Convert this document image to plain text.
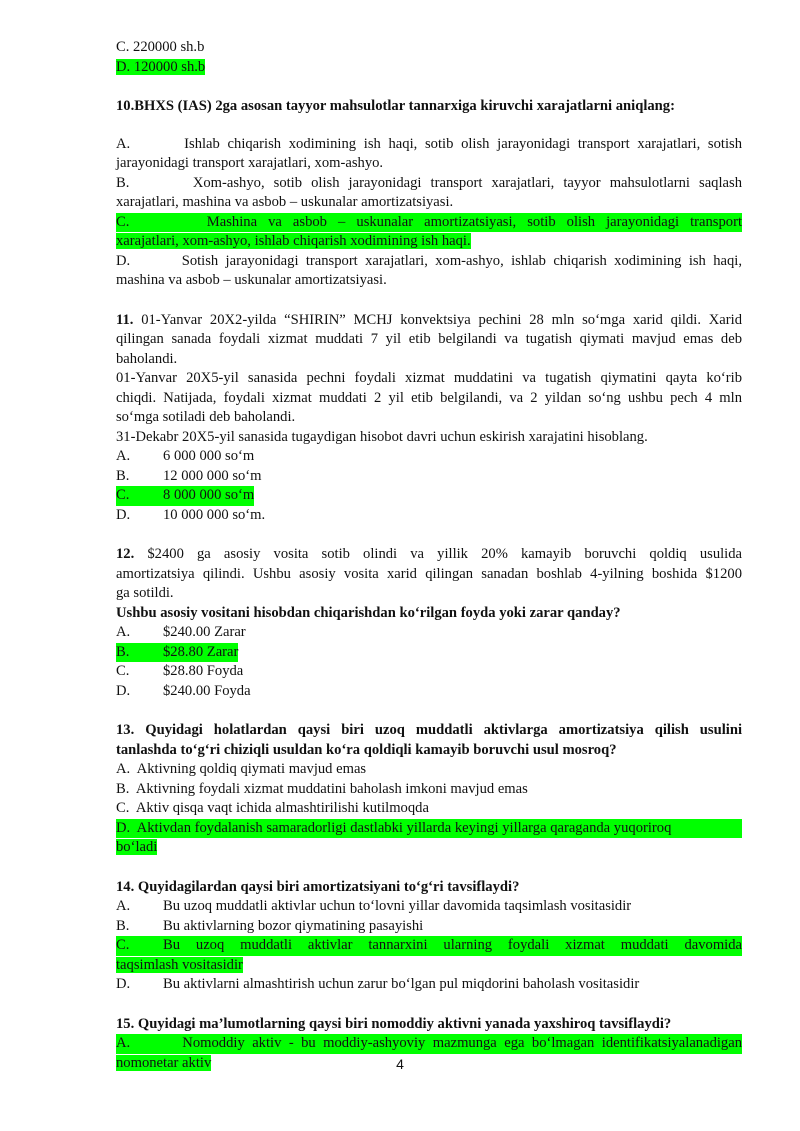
C. 220000 sh.b
D. 120000 sh.b
10.BHXS (IAS) 2ga asosan tayyor mahsulotlar tannarxiga kiruvchi xarajatlarni aniqlang:
A.       Ishlab chiqarish xodimining ish haqi, sotib olish jarayonidagi transport xarajatlari, sotish
jarayonidagi transport xarajatlari, xom-ashyo.
B.       Xom-ashyo, sotib olish jarayonidagi transport xarajatlari, tayyor mahsulotlarni saqlash
xarajatlari, mashina va asbob – uskunalar amortizatsiyasi.
C.       Mashina va asbob – uskunalar amortizatsiyasi, sotib olish jarayonidagi transport
xarajatlari, xom-ashyo, ishlab chiqarish xodimining ish haqi.
D.       Sotish jarayonidagi transport xarajatlari, xom-ashyo, ishlab chiqarish xodimining ish haqi,
mashina va asbob – uskunalar amortizatsiyasi.
11. 01-Yanvar 20X2-yilda “SHIRIN” MCHJ konvektsiya pechini 28 mln so‘mga xarid qildi. Xarid
qilingan sanada foydali xizmat muddati 7 yil etib belgilandi va tugatish qiymati mavjud emas deb
baholandi.
01-Yanvar 20X5-yil sanasida pechni foydali xizmat muddatini va tugatish qiymatini qayta ko‘rib
chiqdi. Natijada, foydali xizmat muddati 2 yil etib belgilandi, va 2 yildan so‘ng ushbu pech 4 mln
so‘mga sotiladi deb baholandi.
31-Dekabr 20X5-yil sanasida tugaydigan hisobot davri uchun eskirish xarajatini hisoblang.
A.	6 000 000 so‘m
B.	12 000 000 so‘m
C.	8 000 000 so‘m
D.	10 000 000 so‘m.
12. $2400 ga asosiy vosita sotib olindi va yillik 20% kamayib boruvchi qoldiq usulida
amortizatsiya qilindi. Ushbu asosiy vosita xarid qilingan sanadan boshlab 4-yilning boshida $1200
ga sotildi.
Ushbu asosiy vositani hisobdan chiqarishdan ko‘rilgan foyda yoki zarar qanday?
A.	$240.00 Zarar
B.	$28.80 Zarar
C.	$28.80 Foyda
D.	$240.00 Foyda
13. Quyidagi holatlardan qaysi biri uzoq muddatli aktivlarga amortizatsiya qilish usulini
tanlashda to‘g‘ri chiziqli usuldan ko‘ra qoldiqli kamayib boruvchi usul mosroq?
A.  Aktivning qoldiq qiymati mavjud emas
B.  Aktivning foydali xizmat muddatini baholash imkoni mavjud emas
C.  Aktiv qisqa vaqt ichida almashtirilishi kutilmoqda
D.  Aktivdan foydalanish samaradorligi dastlabki yillarda keyingi yillarga qaraganda yuqoriroq
bo‘ladi
14. Quyidagilardan qaysi biri amortizatsiyani to‘g‘ri tavsiflaydi?
A.	Bu uzoq muddatli aktivlar uchun to‘lovni yillar davomida taqsimlash vositasidir
B.	Bu aktivlarning bozor qiymatining pasayishi
C.	Bu uzoq muddatli aktivlar tannarxini ularning foydali xizmat muddati davomida
taqsimlash vositasidir
D.	Bu aktivlarni almashtirish uchun zarur bo‘lgan pul miqdorini baholash vositasidir
15. Quyidagi ma’lumotlarning qaysi biri nomoddiy aktivni yanada yaxshiroq tavsiflaydi?
A.       Nomoddiy aktiv - bu moddiy-ashyoviy mazmunga ega bo‘lmagan identifikatsiyalanadigan
nomonetar aktiv	4
